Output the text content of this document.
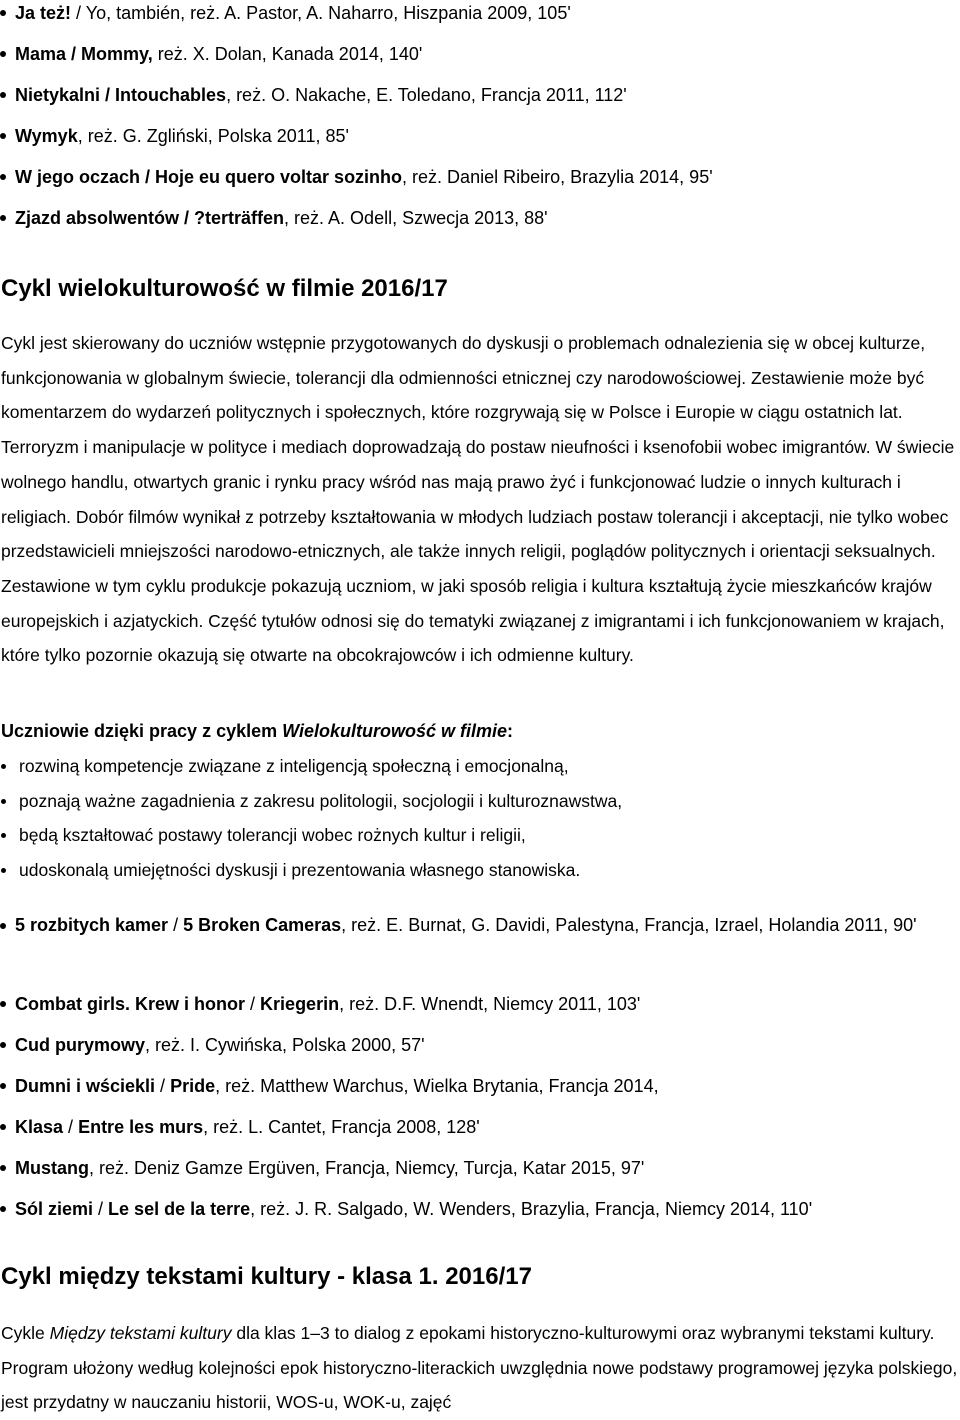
Ja też! / Yo, también, reż. A. Pastor, A. Naharro, Hiszpania 2009, 105'
Mama / Mommy, reż. X. Dolan, Kanada 2014, 140'
Nietykalni / Intouchables, reż. O. Nakache, E. Toledano, Francja 2011, 112'
Wymyk, reż. G. Zgliński, Polska 2011, 85'
W jego oczach / Hoje eu quero voltar sozinho, reż. Daniel Ribeiro, Brazylia 2014, 95'
Zjazd absolwentów / ?terträffen, reż. A. Odell, Szwecja 2013, 88'
Cykl wielokulturowość w filmie 2016/17

Cykl jest skierowany do uczniów wstępnie przygotowanych do dyskusji o problemach odnalezienia się w obcej kulturze, funkcjonowania w globalnym świecie, tolerancji dla odmienności etnicznej czy narodowościowej. Zestawienie może być komentarzem do wydarzeń politycznych i społecznych, które rozgrywają się w Polsce i Europie w ciągu ostatnich lat. Terroryzm i manipulacje w polityce i mediach doprowadzają do postaw nieufności i ksenofobii wobec imigrantów. W świecie wolnego handlu, otwartych granic i rynku pracy wśród nas mają prawo żyć i funkcjonować ludzie o innych kulturach i religiach. Dobór filmów wynikał z potrzeby kształtowania w młodych ludziach postaw tolerancji i akceptacji, nie tylko wobec przedstawicieli mniejszości narodowo-etnicznych, ale także innych religii, poglądów politycznych i orientacji seksualnych. Zestawione w tym cyklu produkcje pokazują uczniom, w jaki sposób religia i kultura kształtują życie mieszkańców krajów europejskich i azjatyckich. Część tytułów odnosi się do tematyki związanej z imigrantami i ich funkcjonowaniem w krajach, które tylko pozornie okazują się otwarte na obcokrajowców i ich odmienne kultury.

Uczniowie dzięki pracy z cyklem Wielokulturowość w filmie:

rozwiną kompetencje związane z inteligencją społeczną i emocjonalną,
poznają ważne zagadnienia z zakresu politologii, socjologii i kulturoznawstwa,
będą kształtować postawy tolerancji wobec rożnych kultur i religii,
udoskonalą umiejętności dyskusji i prezentowania własnego stanowiska.
5 rozbitych kamer / 5 Broken Cameras, reż. E. Burnat, G. Davidi, Palestyna, Francja, Izrael, Holandia 2011, 90'
Combat girls. Krew i honor / Kriegerin, reż. D.F. Wnendt, Niemcy 2011, 103'
Cud purymowy, reż. I. Cywińska, Polska 2000, 57'
Dumni i wściekli / Pride, reż. Matthew Warchus, Wielka Brytania, Francja 2014,
Klasa / Entre les murs, reż. L. Cantet, Francja 2008, 128'
Mustang, reż. Deniz Gamze Ergüven, Francja, Niemcy, Turcja, Katar 2015, 97'
Sól ziemi / Le sel de la terre, reż. J. R. Salgado, W. Wenders, Brazylia, Francja, Niemcy 2014, 110'
Cykl między tekstami kultury - klasa 1. 2016/17

Cykle Między tekstami kultury dla klas 1–3 to dialog z epokami historyczno-kulturowymi oraz wybranymi tekstami kultury. Program ułożony według kolejności epok historyczno-literackich uwzględnia nowe podstawy programowej języka polskiego, jest przydatny w nauczaniu historii, WOS-u, WOK-u, zajęć
